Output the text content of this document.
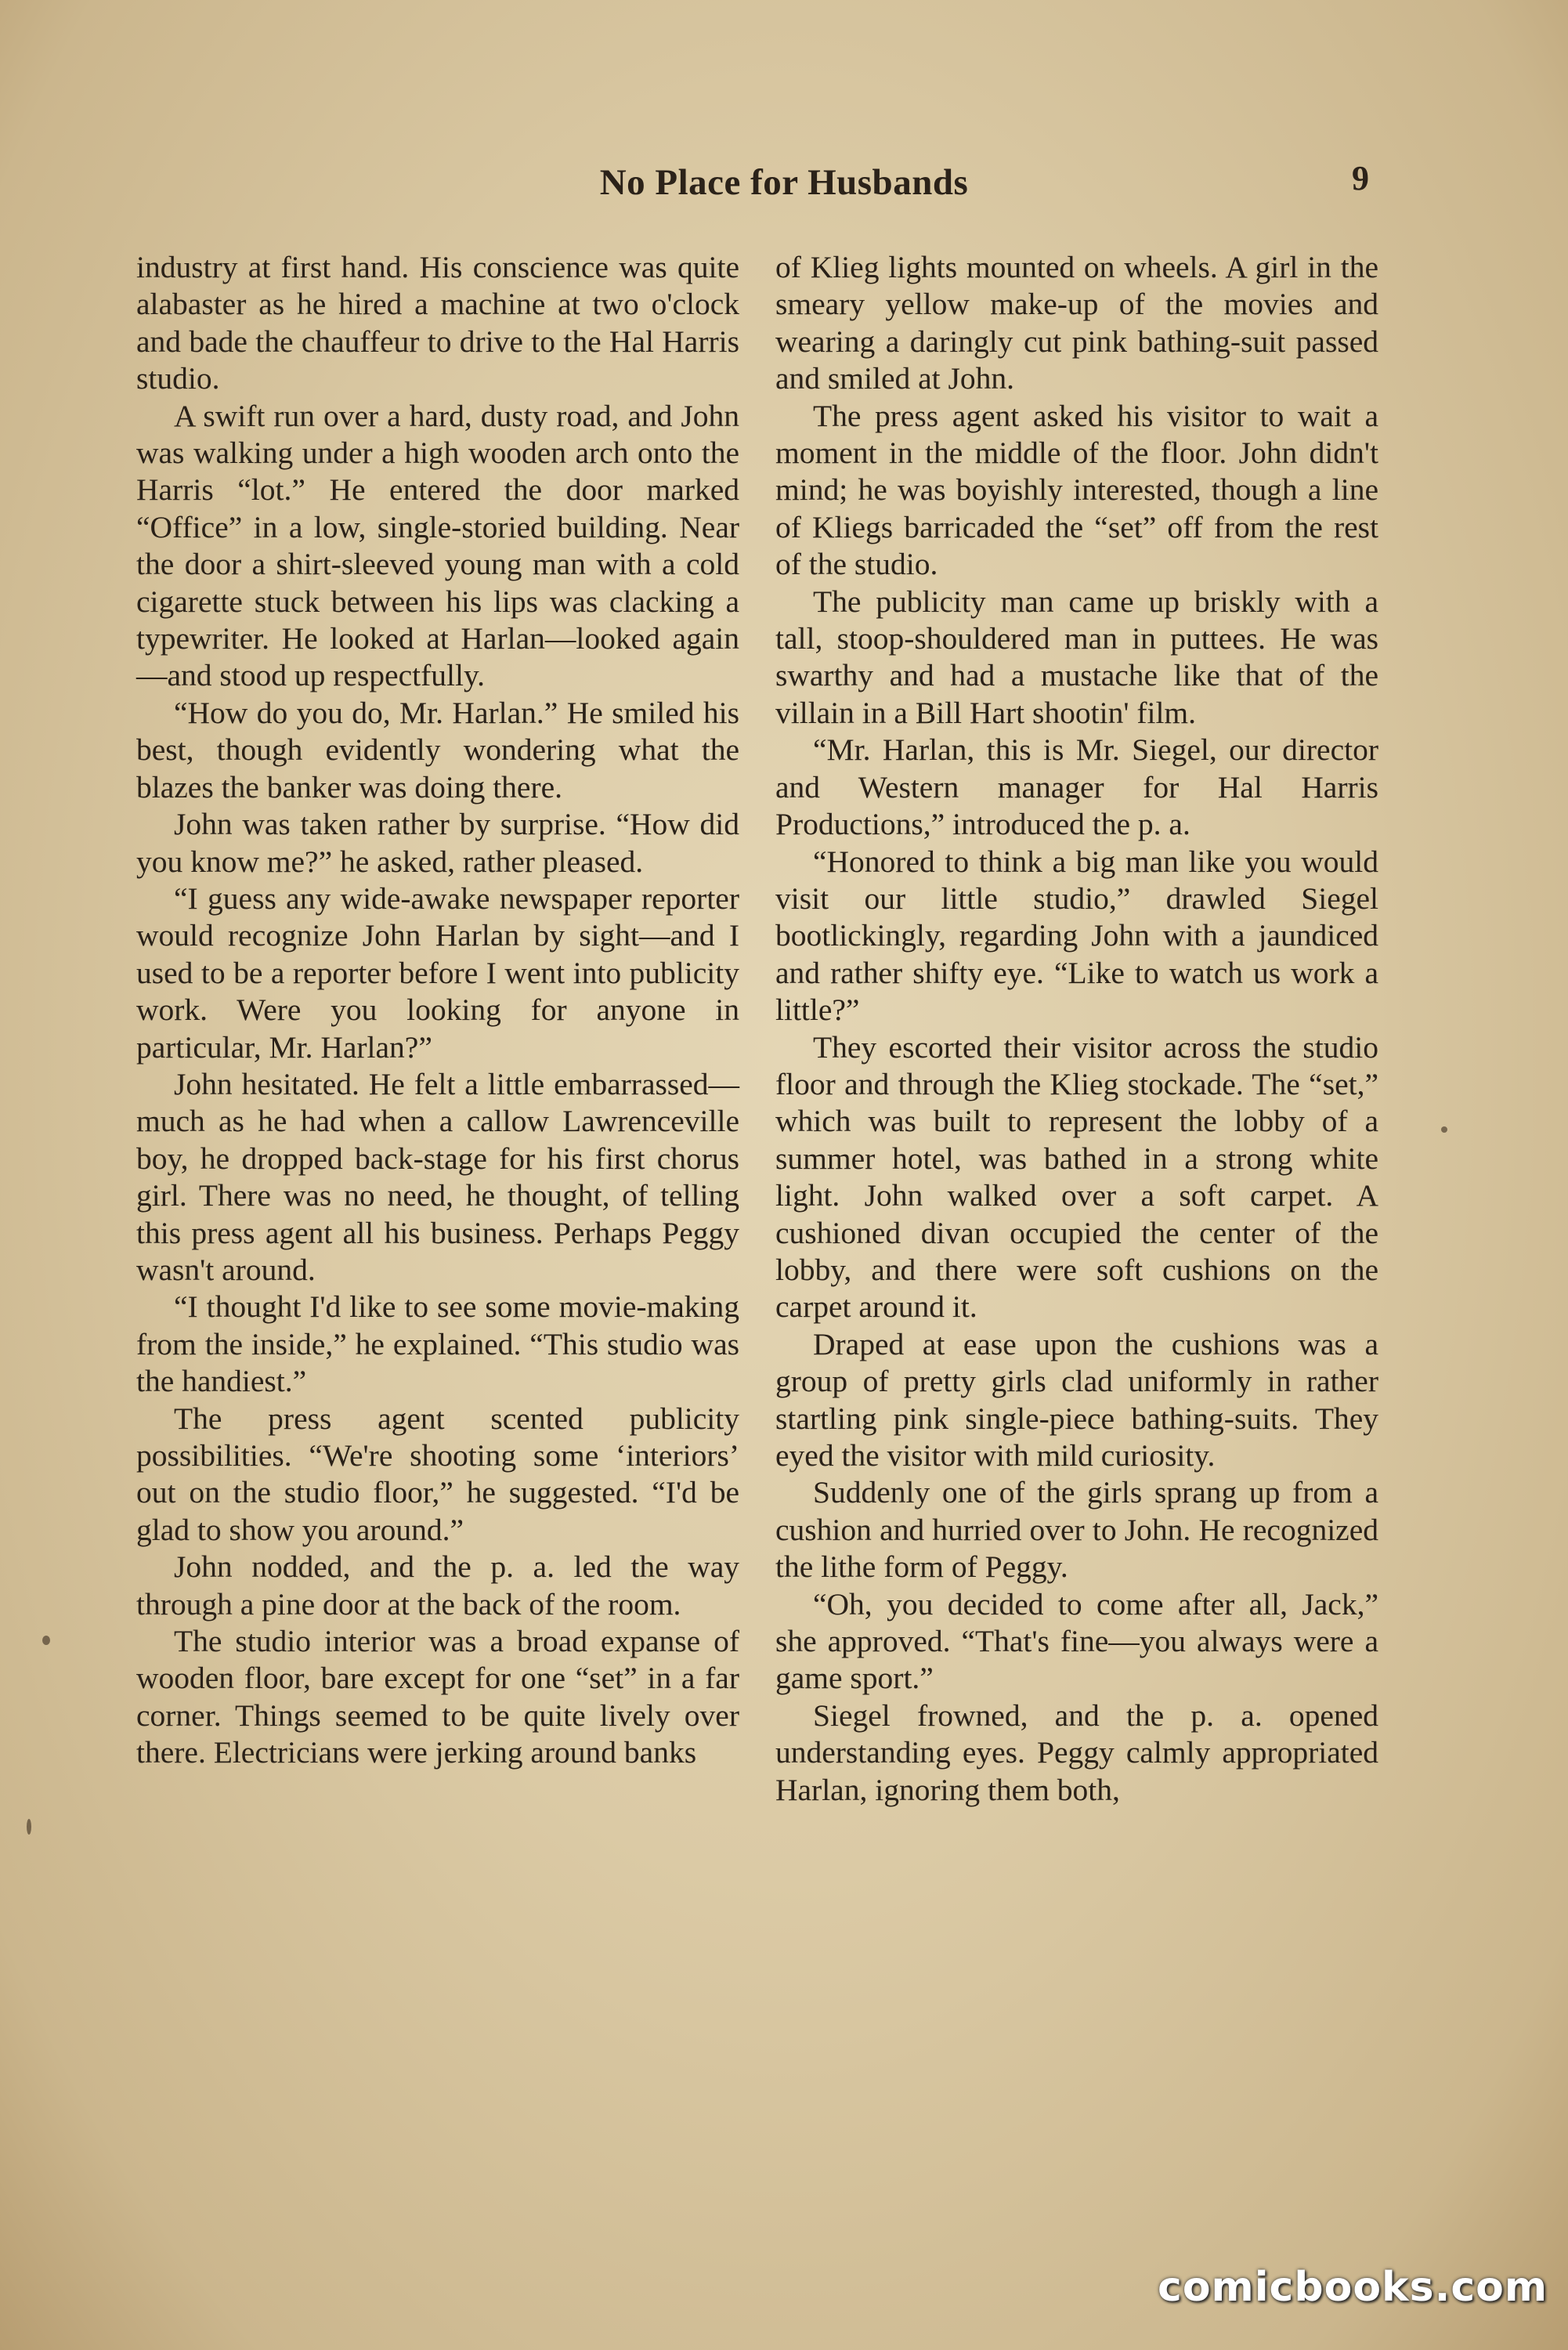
No Place for Husbands	9

industry at first hand. His conscience was quite alabaster as he hired a machine at two o'clock and bade the chauffeur to drive to the Hal Harris studio.

A swift run over a hard, dusty road, and John was walking under a high wooden arch onto the Harris “lot.” He entered the door marked “Office” in a low, single-storied building. Near the door a shirt-sleeved young man with a cold cigarette stuck between his lips was clacking a typewriter. He looked at Harlan—looked again—and stood up respectfully.

“How do you do, Mr. Harlan.” He smiled his best, though evidently wondering what the blazes the banker was doing there.

John was taken rather by surprise. “How did you know me?” he asked, rather pleased.

“I guess any wide-awake newspaper reporter would recognize John Harlan by sight—and I used to be a reporter before I went into publicity work. Were you looking for anyone in particular, Mr. Harlan?”

John hesitated. He felt a little embarrassed—much as he had when a callow Lawrenceville boy, he dropped back-stage for his first chorus girl. There was no need, he thought, of telling this press agent all his business. Perhaps Peggy wasn't around.

“I thought I'd like to see some movie-making from the inside,” he explained. “This studio was the handiest.”

The press agent scented publicity possibilities. “We're shooting some ‘interiors’ out on the studio floor,” he suggested. “I'd be glad to show you around.”

John nodded, and the p. a. led the way through a pine door at the back of the room.

The studio interior was a broad expanse of wooden floor, bare except for one “set” in a far corner. Things seemed to be quite lively over there. Electricians were jerking around banks

of Klieg lights mounted on wheels. A girl in the smeary yellow make-up of the movies and wearing a daringly cut pink bathing-suit passed and smiled at John.

The press agent asked his visitor to wait a moment in the middle of the floor. John didn't mind; he was boyishly interested, though a line of Kliegs barricaded the “set” off from the rest of the studio.

The publicity man came up briskly with a tall, stoop-shouldered man in puttees. He was swarthy and had a mustache like that of the villain in a Bill Hart shootin' film.

“Mr. Harlan, this is Mr. Siegel, our director and Western manager for Hal Harris Productions,” introduced the p. a.

“Honored to think a big man like you would visit our little studio,” drawled Siegel bootlickingly, regarding John with a jaundiced and rather shifty eye. “Like to watch us work a little?”

They escorted their visitor across the studio floor and through the Klieg stockade. The “set,” which was built to represent the lobby of a summer hotel, was bathed in a strong white light. John walked over a soft carpet. A cushioned divan occupied the center of the lobby, and there were soft cushions on the carpet around it.

Draped at ease upon the cushions was a group of pretty girls clad uniformly in rather startling pink single-piece bathing-suits. They eyed the visitor with mild curiosity.

Suddenly one of the girls sprang up from a cushion and hurried over to John. He recognized the lithe form of Peggy.

“Oh, you decided to come after all, Jack,” she approved. “That's fine—you always were a game sport.”

Siegel frowned, and the p. a. opened understanding eyes. Peggy calmly appropriated Harlan, ignoring them both,

comicbooks.com
